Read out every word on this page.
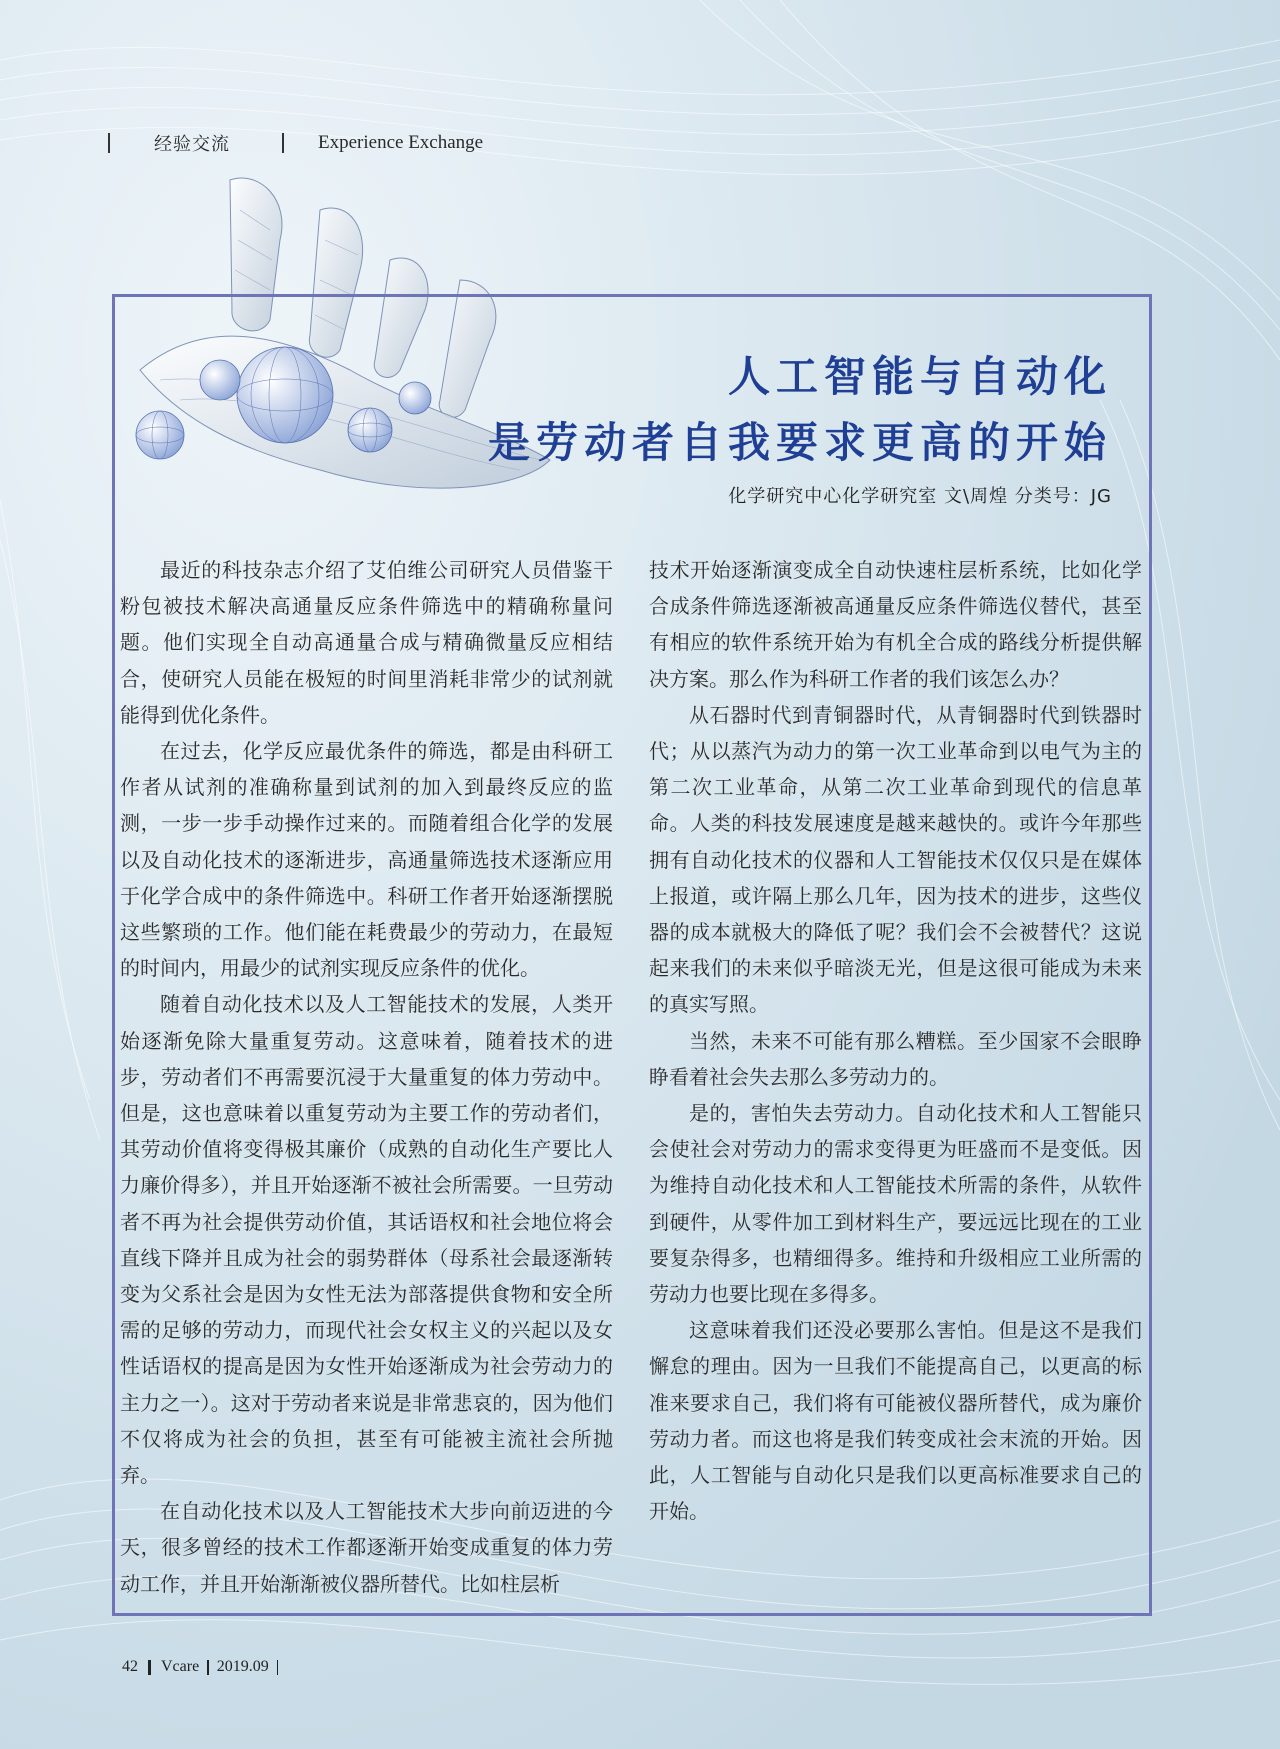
经验交流	Experience Exchange
人工智能与自动化
是劳动者自我要求更高的开始
化学研究中心化学研究室 文\周煌 分类号：JG

最近的科技杂志介绍了艾伯维公司研究人员借鉴干粉包被技术解决高通量反应条件筛选中的精确称量问题。他们实现全自动高通量合成与精确微量反应相结合，使研究人员能在极短的时间里消耗非常少的试剂就能得到优化条件。

在过去，化学反应最优条件的筛选，都是由科研工作者从试剂的准确称量到试剂的加入到最终反应的监测，一步一步手动操作过来的。而随着组合化学的发展以及自动化技术的逐渐进步，高通量筛选技术逐渐应用于化学合成中的条件筛选中。科研工作者开始逐渐摆脱这些繁琐的工作。他们能在耗费最少的劳动力，在最短的时间内，用最少的试剂实现反应条件的优化。

随着自动化技术以及人工智能技术的发展，人类开始逐渐免除大量重复劳动。这意味着，随着技术的进步，劳动者们不再需要沉浸于大量重复的体力劳动中。但是，这也意味着以重复劳动为主要工作的劳动者们，其劳动价值将变得极其廉价（成熟的自动化生产要比人力廉价得多），并且开始逐渐不被社会所需要。一旦劳动者不再为社会提供劳动价值，其话语权和社会地位将会直线下降并且成为社会的弱势群体（母系社会最逐渐转变为父系社会是因为女性无法为部落提供食物和安全所需的足够的劳动力，而现代社会女权主义的兴起以及女性话语权的提高是因为女性开始逐渐成为社会劳动力的主力之一）。这对于劳动者来说是非常悲哀的，因为他们不仅将成为社会的负担，甚至有可能被主流社会所抛弃。

在自动化技术以及人工智能技术大步向前迈进的今天，很多曾经的技术工作都逐渐开始变成重复的体力劳动工作，并且开始渐渐被仪器所替代。比如柱层析

技术开始逐渐演变成全自动快速柱层析系统，比如化学合成条件筛选逐渐被高通量反应条件筛选仪替代，甚至有相应的软件系统开始为有机全合成的路线分析提供解决方案。那么作为科研工作者的我们该怎么办？

从石器时代到青铜器时代，从青铜器时代到铁器时代；从以蒸汽为动力的第一次工业革命到以电气为主的第二次工业革命，从第二次工业革命到现代的信息革命。人类的科技发展速度是越来越快的。或许今年那些拥有自动化技术的仪器和人工智能技术仅仅只是在媒体上报道，或许隔上那么几年，因为技术的进步，这些仪器的成本就极大的降低了呢？我们会不会被替代？这说起来我们的未来似乎暗淡无光，但是这很可能成为未来的真实写照。

当然，未来不可能有那么糟糕。至少国家不会眼睁睁看着社会失去那么多劳动力的。

是的，害怕失去劳动力。自动化技术和人工智能只会使社会对劳动力的需求变得更为旺盛而不是变低。因为维持自动化技术和人工智能技术所需的条件，从软件到硬件，从零件加工到材料生产，要远远比现在的工业要复杂得多，也精细得多。维持和升级相应工业所需的劳动力也要比现在多得多。

这意味着我们还没必要那么害怕。但是这不是我们懈怠的理由。因为一旦我们不能提高自己，以更高的标准来要求自己，我们将有可能被仪器所替代，成为廉价劳动力者。而这也将是我们转变成社会末流的开始。因此，人工智能与自动化只是我们以更高标准要求自己的开始。

42 Vcare 2019.09
